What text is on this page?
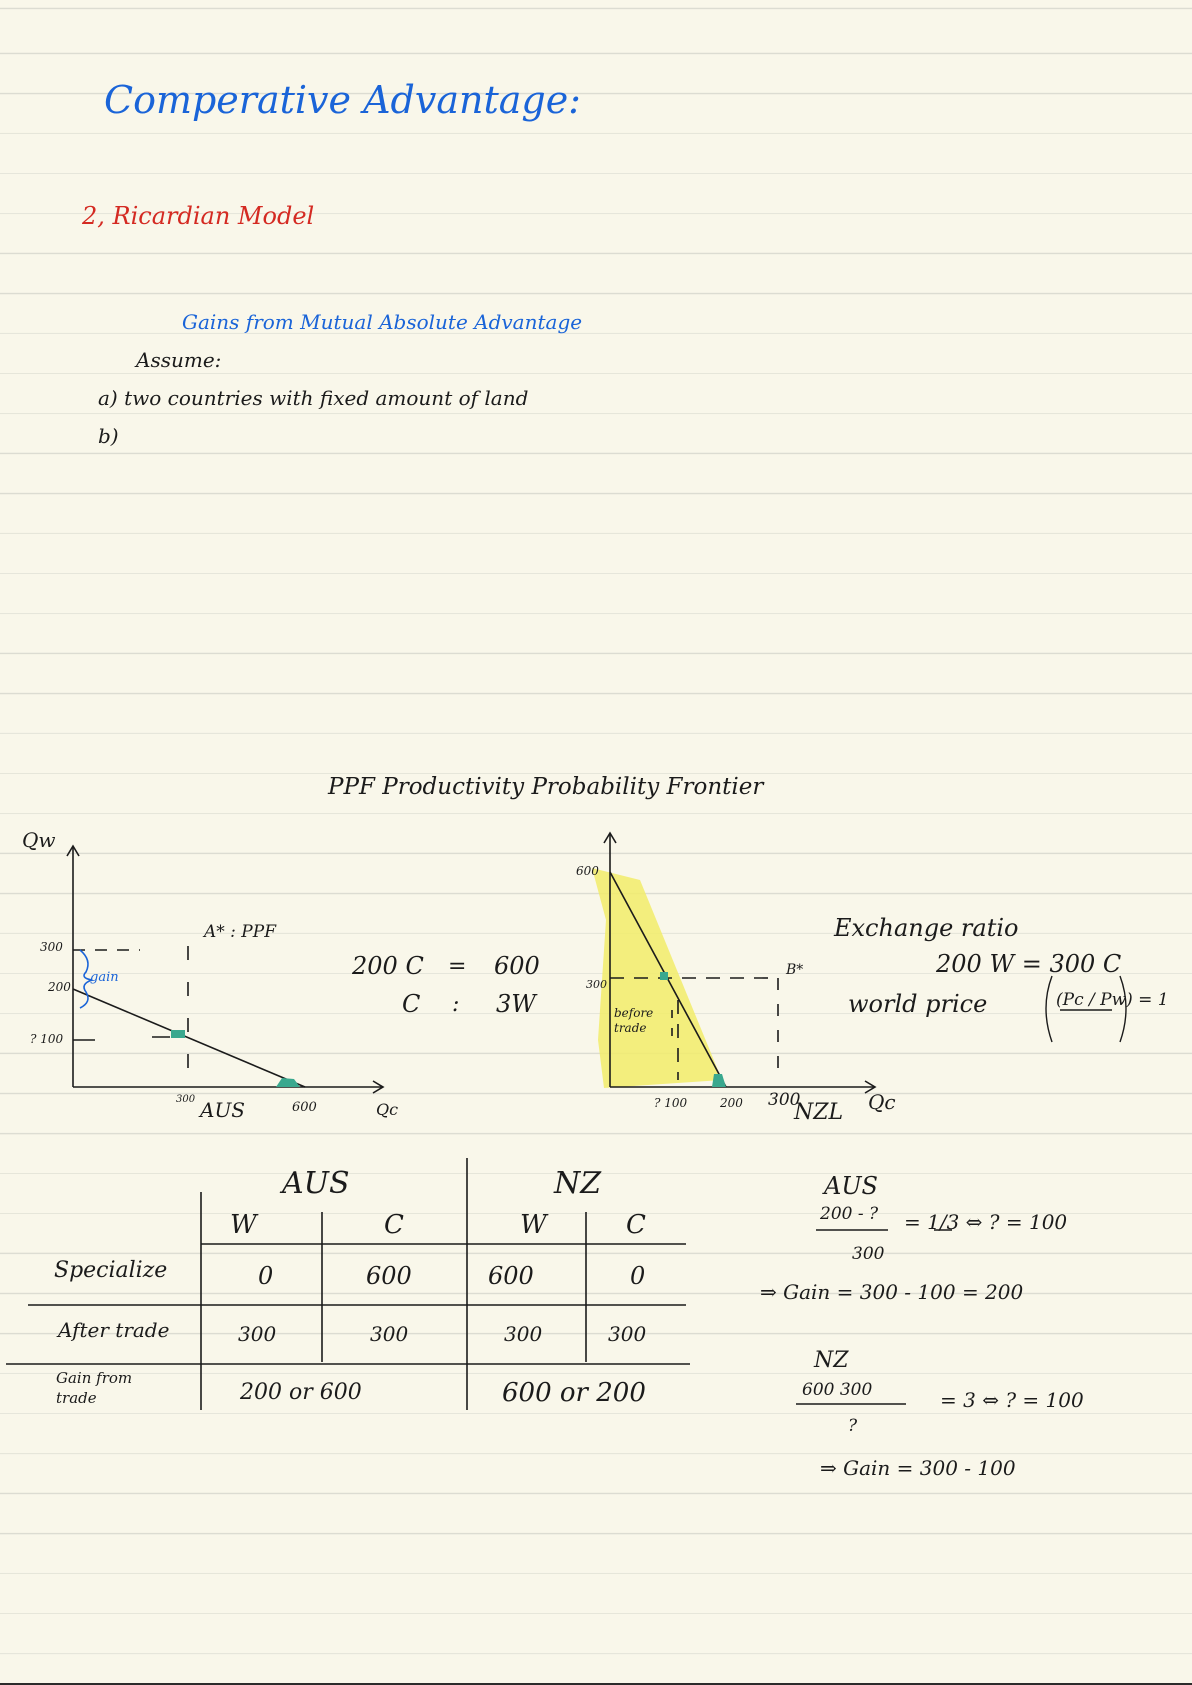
Comperative Advantage:
2, Ricardian Model
Gains from Mutual Absolute Advantage
Assume:
a) two countries with fixed amount of land
b)
PPF Productivity Probability Frontier
Qw
A* : PPF
gain
300
200
? 100
300
600
AUS	Qc
200 C = 600
C : 3W
600
300
before trade
B*
? 100	200 300
NZL Qc
Exchange ratio
200 W = 300 C
world price	(Pc / Pw) = 1
AUS	NZ
W	C	W	C
Specialize	0	600	600	0
After trade	300	300	300	300
Gain from trade	200 or 600	600 or 200
AUS
200 - ?
300
= 1/3 ⇔ ? = 100
⇒ Gain = 300 - 100 = 200
NZ
600 300
?
= 3 ⇔ ? = 100
⇒ Gain = 300 - 100
